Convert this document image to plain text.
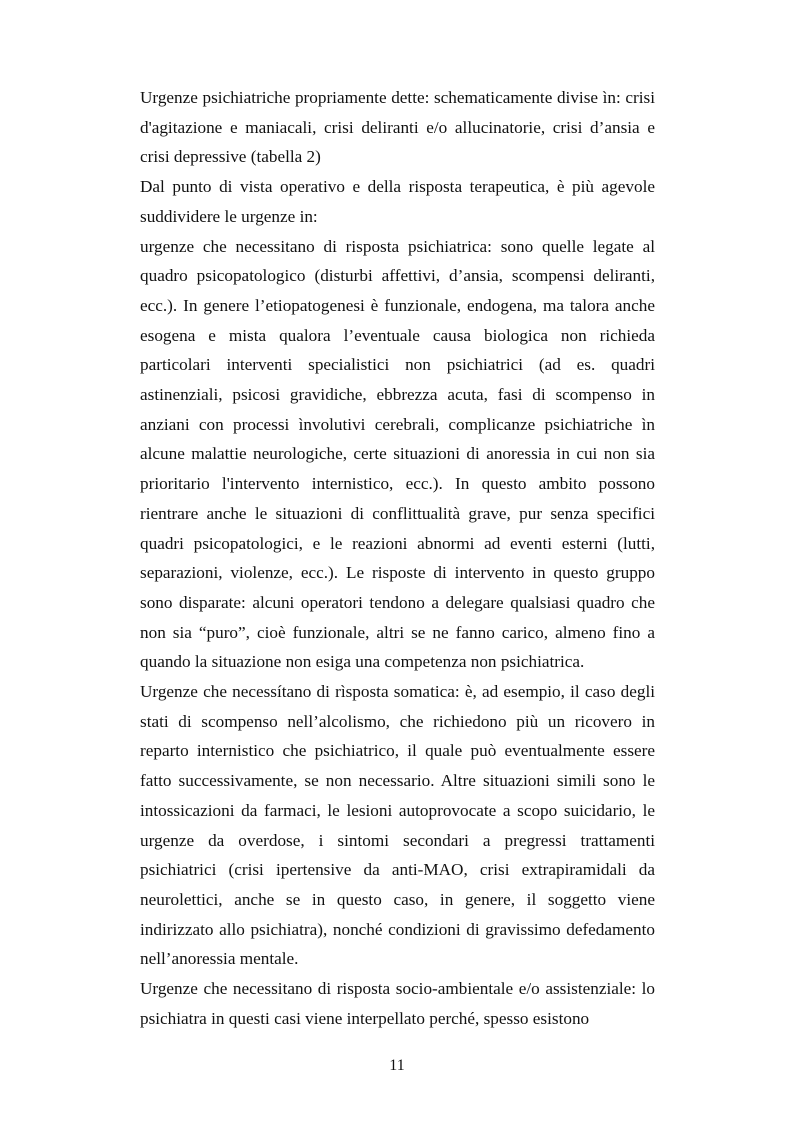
Urgenze psichiatriche propriamente dette: schematicamente divise ìn: crisi d'agitazione e maniacali, crisi deliranti e/o allucinatorie, crisi d’ansia e crisi depressive (tabella 2)

Dal punto di vista operativo e della risposta terapeutica, è più agevole suddividere le urgenze in:

urgenze che necessitano di risposta psichiatrica: sono quelle legate al quadro psicopatologico (disturbi affettivi, d’ansia, scompensi deliranti, ecc.). In genere l’etiopatogenesi è funzionale, endogena, ma talora anche esogena e mista qualora l’eventuale causa biologica non richieda particolari interventi specialistici non psichiatrici (ad es. quadri astinenziali, psicosi gravidiche, ebbrezza acuta, fasi di scompenso in anziani con processi ìnvolutivi cerebrali, complicanze psichiatriche ìn alcune malattie neurologiche, certe situazioni di anoressia in cui non sia prioritario l'intervento internistico, ecc.). In questo ambito possono rientrare anche le situazioni di conflittualità grave, pur senza specifici quadri psicopatologici, e le reazioni abnormi ad eventi esterni (lutti, separazioni, violenze, ecc.). Le risposte di intervento in questo gruppo sono disparate: alcuni operatori tendono a delegare qualsiasi quadro che non sia “puro”, cioè funzionale, altri se ne fanno carico, almeno fino a quando la situazione non esiga una competenza non psichiatrica.

Urgenze che necessítano di rìsposta somatica: è, ad esempio, il caso degli stati di scompenso nell’alcolismo, che richiedono più un ricovero in reparto internistico che psichiatrico, il quale può eventualmente essere fatto successivamente, se non necessario. Altre situazioni simili sono le intossicazioni da farmaci, le lesioni autoprovocate a scopo suicidario, le urgenze da overdose, i sintomi secondari a pregressi trattamenti psichiatrici (crisi ipertensive da anti-MAO, crisi extrapiramidali da neurolettici, anche se in questo caso, in genere, il soggetto viene indirizzato allo psichiatra), nonché condizioni di gravissimo defedamento nell’anoressia mentale.

Urgenze che necessitano di risposta socio-ambientale e/o assistenziale: lo psichiatra in questi casi viene interpellato perché, spesso esistono

11
